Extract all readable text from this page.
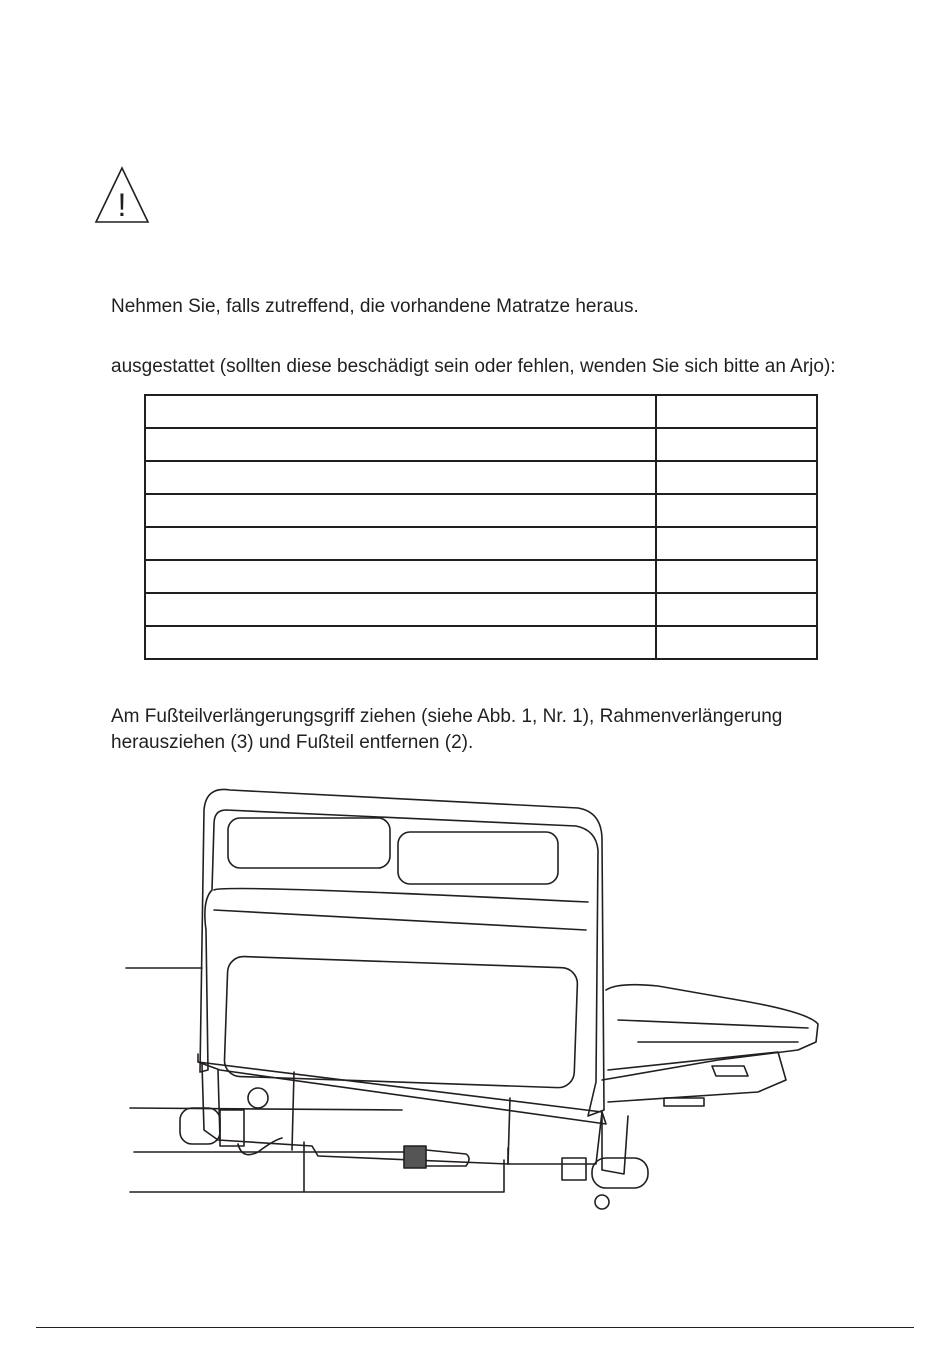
!
Nehmen Sie, falls zutreffend, die vorhandene Matratze heraus.
ausgestattet (sollten diese beschädigt sein oder fehlen, wenden Sie sich bitte an Arjo):

Am Fußteilverlängerungsgriff ziehen (siehe Abb. 1, Nr. 1), Rahmenverlängerung
herausziehen (3) und Fußteil entfernen (2).
